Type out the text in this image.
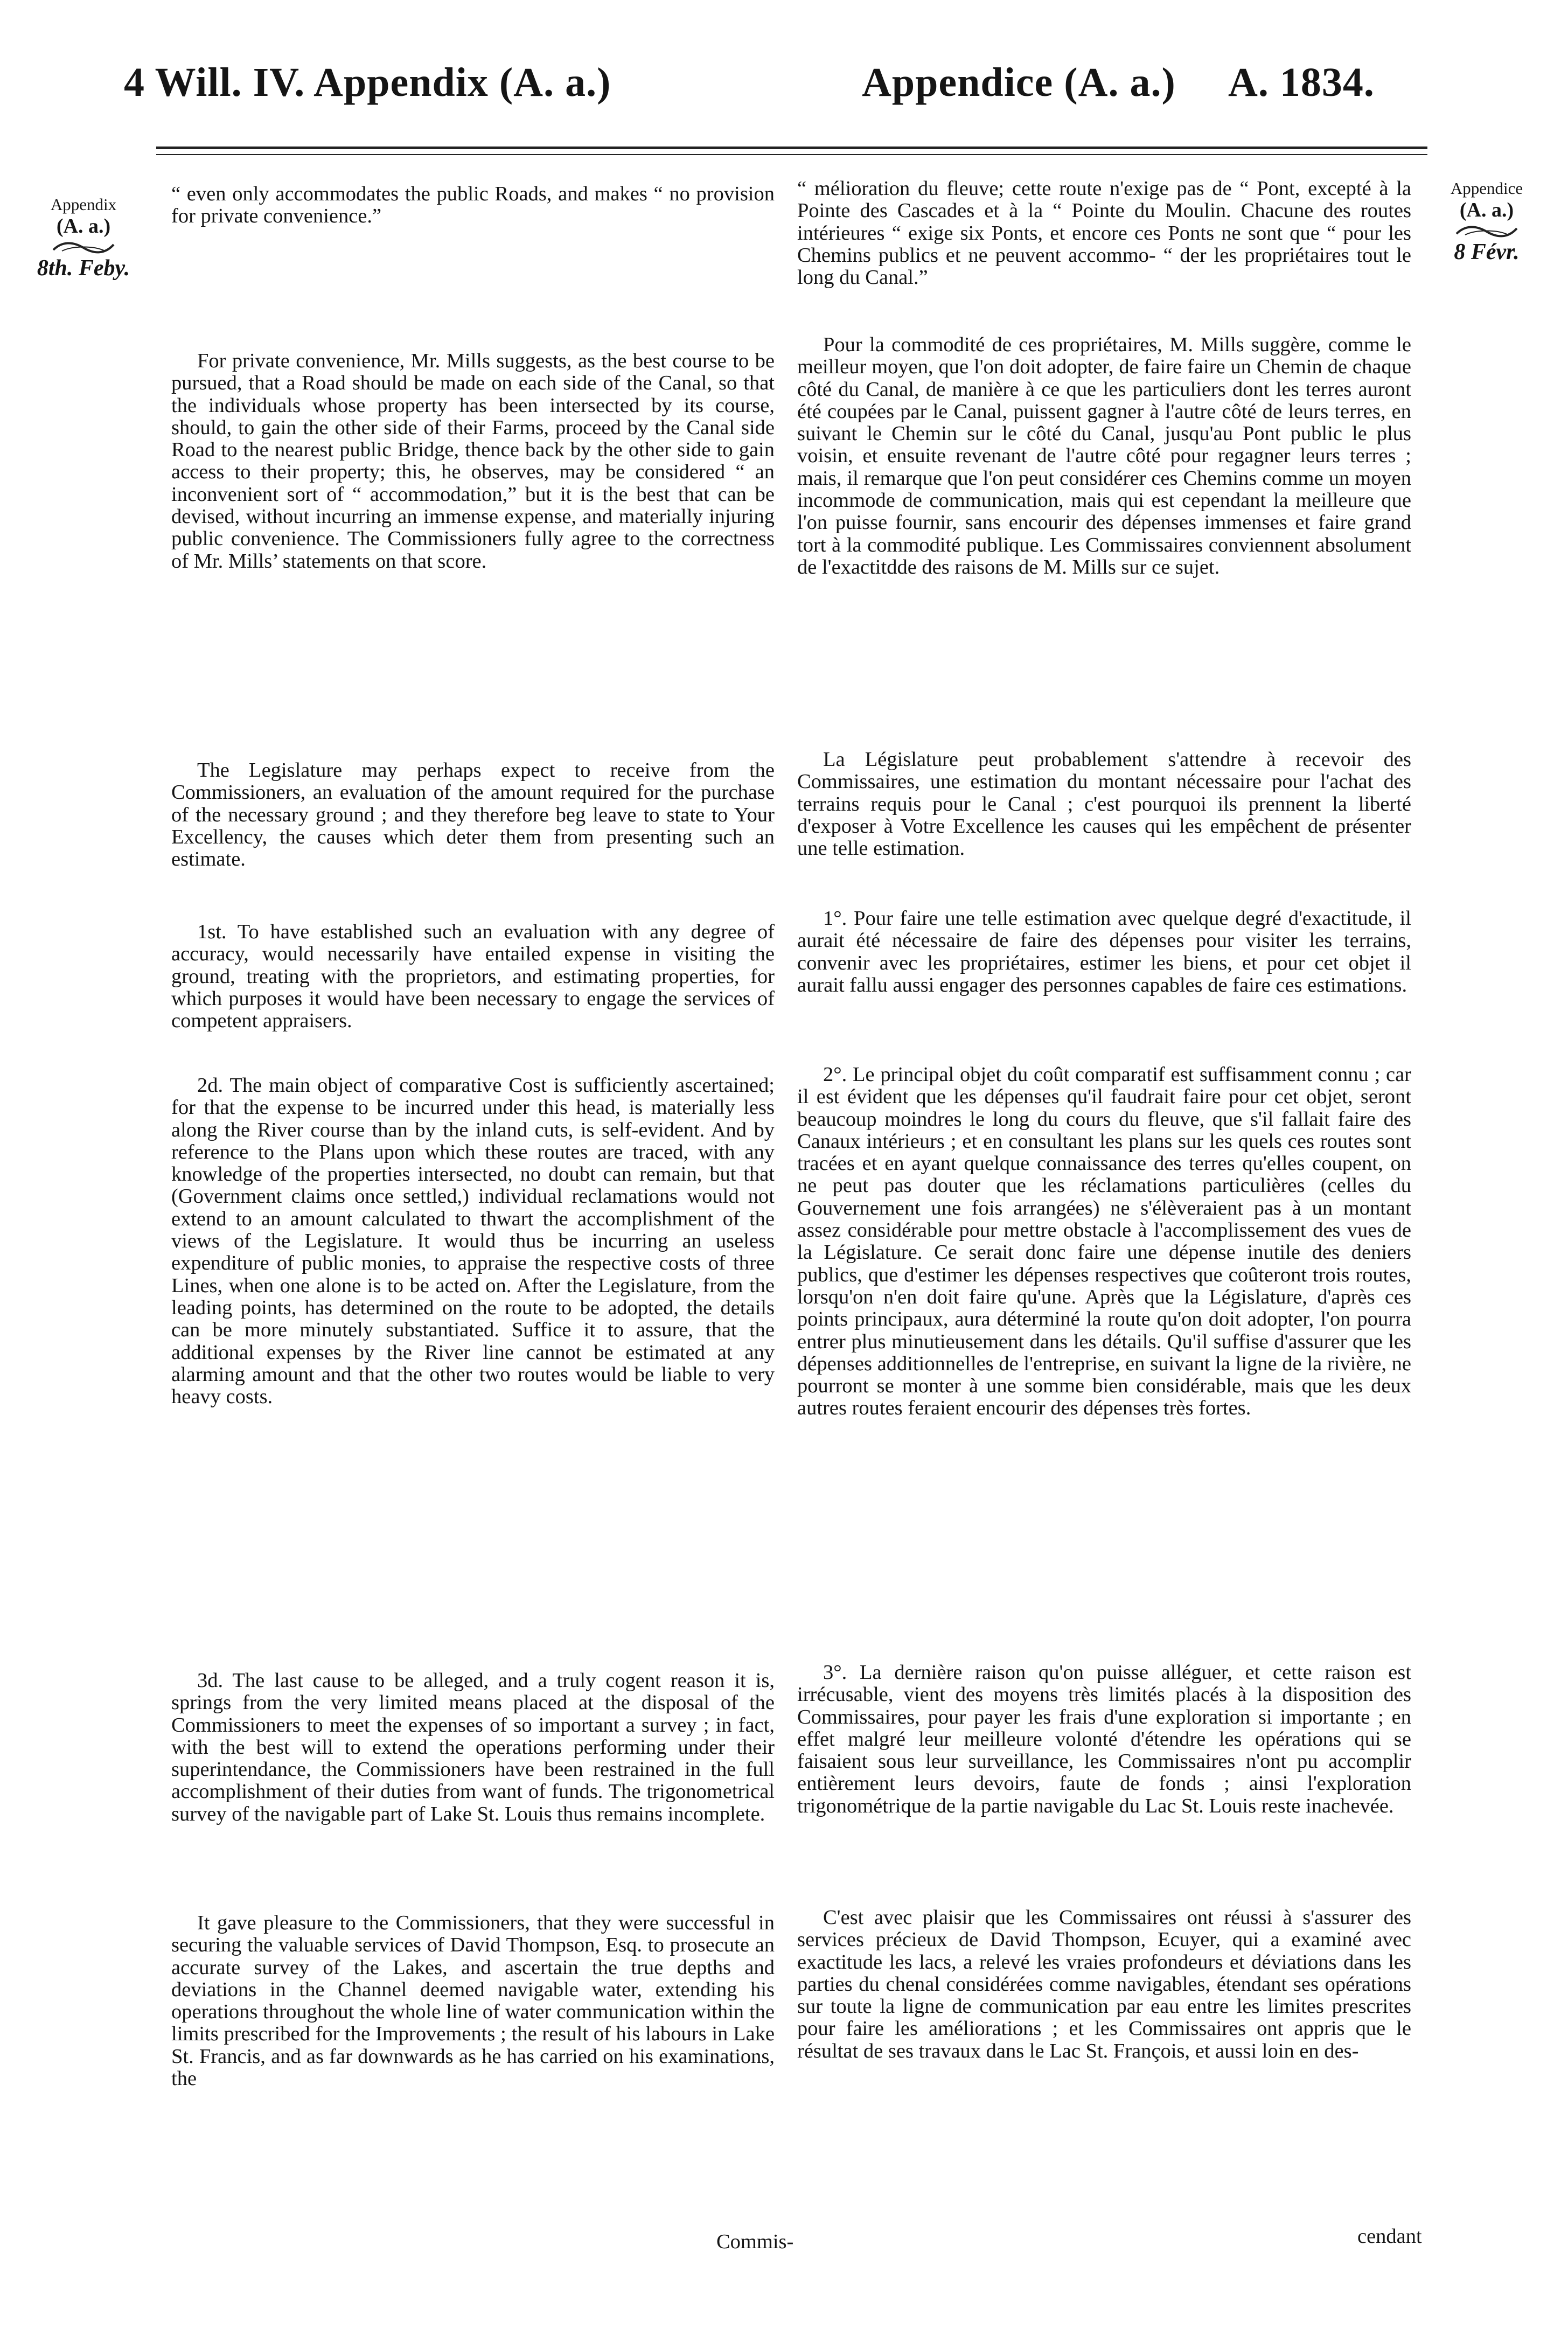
4 Will. IV. Appendix (A. a.)	Appendice (A. a.) A. 1834.
Appendix
(A. a.)
8th. Feby.
Appendice
(A. a.)
8 Févr.

“ even only accommodates the public Roads, and makes “ no provision for private convenience.”

For private convenience, Mr. Mills suggests, as the best course to be pursued, that a Road should be made on each side of the Canal, so that the individuals whose property has been intersected by its course, should, to gain the other side of their Farms, proceed by the Canal side Road to the nearest public Bridge, thence back by the other side to gain access to their property; this, he observes, may be considered “ an inconvenient sort of “ accommodation,” but it is the best that can be devised, without incurring an immense expense, and materially injuring public convenience. The Commissioners fully agree to the correctness of Mr. Mills’ statements on that score.

The Legislature may perhaps expect to receive from the Commissioners, an evaluation of the amount required for the purchase of the necessary ground ; and they therefore beg leave to state to Your Excellency, the causes which deter them from presenting such an estimate.

1st. To have established such an evaluation with any degree of accuracy, would necessarily have entailed expense in visiting the ground, treating with the proprietors, and estimating properties, for which purposes it would have been necessary to engage the services of competent appraisers.

2d. The main object of comparative Cost is sufficiently ascertained; for that the expense to be incurred under this head, is materially less along the River course than by the inland cuts, is self-evident. And by reference to the Plans upon which these routes are traced, with any knowledge of the properties intersected, no doubt can remain, but that (Government claims once settled,) individual reclamations would not extend to an amount calculated to thwart the accomplishment of the views of the Legislature. It would thus be incurring an useless expenditure of public monies, to appraise the respective costs of three Lines, when one alone is to be acted on. After the Legislature, from the leading points, has determined on the route to be adopted, the details can be more minutely substantiated. Suffice it to assure, that the additional expenses by the River line cannot be estimated at any alarming amount and that the other two routes would be liable to very heavy costs.

3d. The last cause to be alleged, and a truly cogent reason it is, springs from the very limited means placed at the disposal of the Commissioners to meet the expenses of so important a survey ; in fact, with the best will to extend the operations performing under their superintendance, the Commissioners have been restrained in the full accomplishment of their duties from want of funds. The trigonometrical survey of the navigable part of Lake St. Louis thus remains incomplete.

It gave pleasure to the Commissioners, that they were successful in securing the valuable services of David Thompson, Esq. to prosecute an accurate survey of the Lakes, and ascertain the true depths and deviations in the Channel deemed navigable water, extending his operations throughout the whole line of water communication within the limits prescribed for the Improvements ; the result of his labours in Lake St. Francis, and as far downwards as he has carried on his examinations, the

Commis-

“ mélioration du fleuve; cette route n'exige pas de “ Pont, excepté à la Pointe des Cascades et à la “ Pointe du Moulin. Chacune des routes intérieures “ exige six Ponts, et encore ces Ponts ne sont que “ pour les Chemins publics et ne peuvent accommo- “ der les propriétaires tout le long du Canal.”

Pour la commodité de ces propriétaires, M. Mills suggère, comme le meilleur moyen, que l'on doit adopter, de faire faire un Chemin de chaque côté du Canal, de manière à ce que les particuliers dont les terres auront été coupées par le Canal, puissent gagner à l'autre côté de leurs terres, en suivant le Chemin sur le côté du Canal, jusqu'au Pont public le plus voisin, et ensuite revenant de l'autre côté pour regagner leurs terres ; mais, il remarque que l'on peut considérer ces Chemins comme un moyen incommode de communication, mais qui est cependant la meilleure que l'on puisse fournir, sans encourir des dépenses immenses et faire grand tort à la commodité publique. Les Commissaires conviennent absolument de l'exactitdde des raisons de M. Mills sur ce sujet.

La Législature peut probablement s'attendre à recevoir des Commissaires, une estimation du montant nécessaire pour l'achat des terrains requis pour le Canal ; c'est pourquoi ils prennent la liberté d'exposer à Votre Excellence les causes qui les empêchent de présenter une telle estimation.

1°. Pour faire une telle estimation avec quelque degré d'exactitude, il aurait été nécessaire de faire des dépenses pour visiter les terrains, convenir avec les propriétaires, estimer les biens, et pour cet objet il aurait fallu aussi engager des personnes capables de faire ces estimations.

2°. Le principal objet du coût comparatif est suffisamment connu ; car il est évident que les dépenses qu'il faudrait faire pour cet objet, seront beaucoup moindres le long du cours du fleuve, que s'il fallait faire des Canaux intérieurs ; et en consultant les plans sur les quels ces routes sont tracées et en ayant quelque connaissance des terres qu'elles coupent, on ne peut pas douter que les réclamations particulières (celles du Gouvernement une fois arrangées) ne s'élèveraient pas à un montant assez considérable pour mettre obstacle à l'accomplissement des vues de la Législature. Ce serait donc faire une dépense inutile des deniers publics, que d'estimer les dépenses respectives que coûteront trois routes, lorsqu'on n'en doit faire qu'une. Après que la Législature, d'après ces points principaux, aura déterminé la route qu'on doit adopter, l'on pourra entrer plus minutieusement dans les détails. Qu'il suffise d'assurer que les dépenses additionnelles de l'entreprise, en suivant la ligne de la rivière, ne pourront se monter à une somme bien considérable, mais que les deux autres routes feraient encourir des dépenses très fortes.

3°. La dernière raison qu'on puisse alléguer, et cette raison est irrécusable, vient des moyens très limités placés à la disposition des Commissaires, pour payer les frais d'une exploration si importante ; en effet malgré leur meilleure volonté d'étendre les opérations qui se faisaient sous leur surveillance, les Commissaires n'ont pu accomplir entièrement leurs devoirs, faute de fonds ; ainsi l'exploration trigonométrique de la partie navigable du Lac St. Louis reste inachevée.

C'est avec plaisir que les Commissaires ont réussi à s'assurer des services précieux de David Thompson, Ecuyer, qui a examiné avec exactitude les lacs, a relevé les vraies profondeurs et déviations dans les parties du chenal considérées comme navigables, étendant ses opérations sur toute la ligne de communication par eau entre les limites prescrites pour faire les améliorations ; et les Commissaires ont appris que le résultat de ses travaux dans le Lac St. François, et aussi loin en des-

cendant
